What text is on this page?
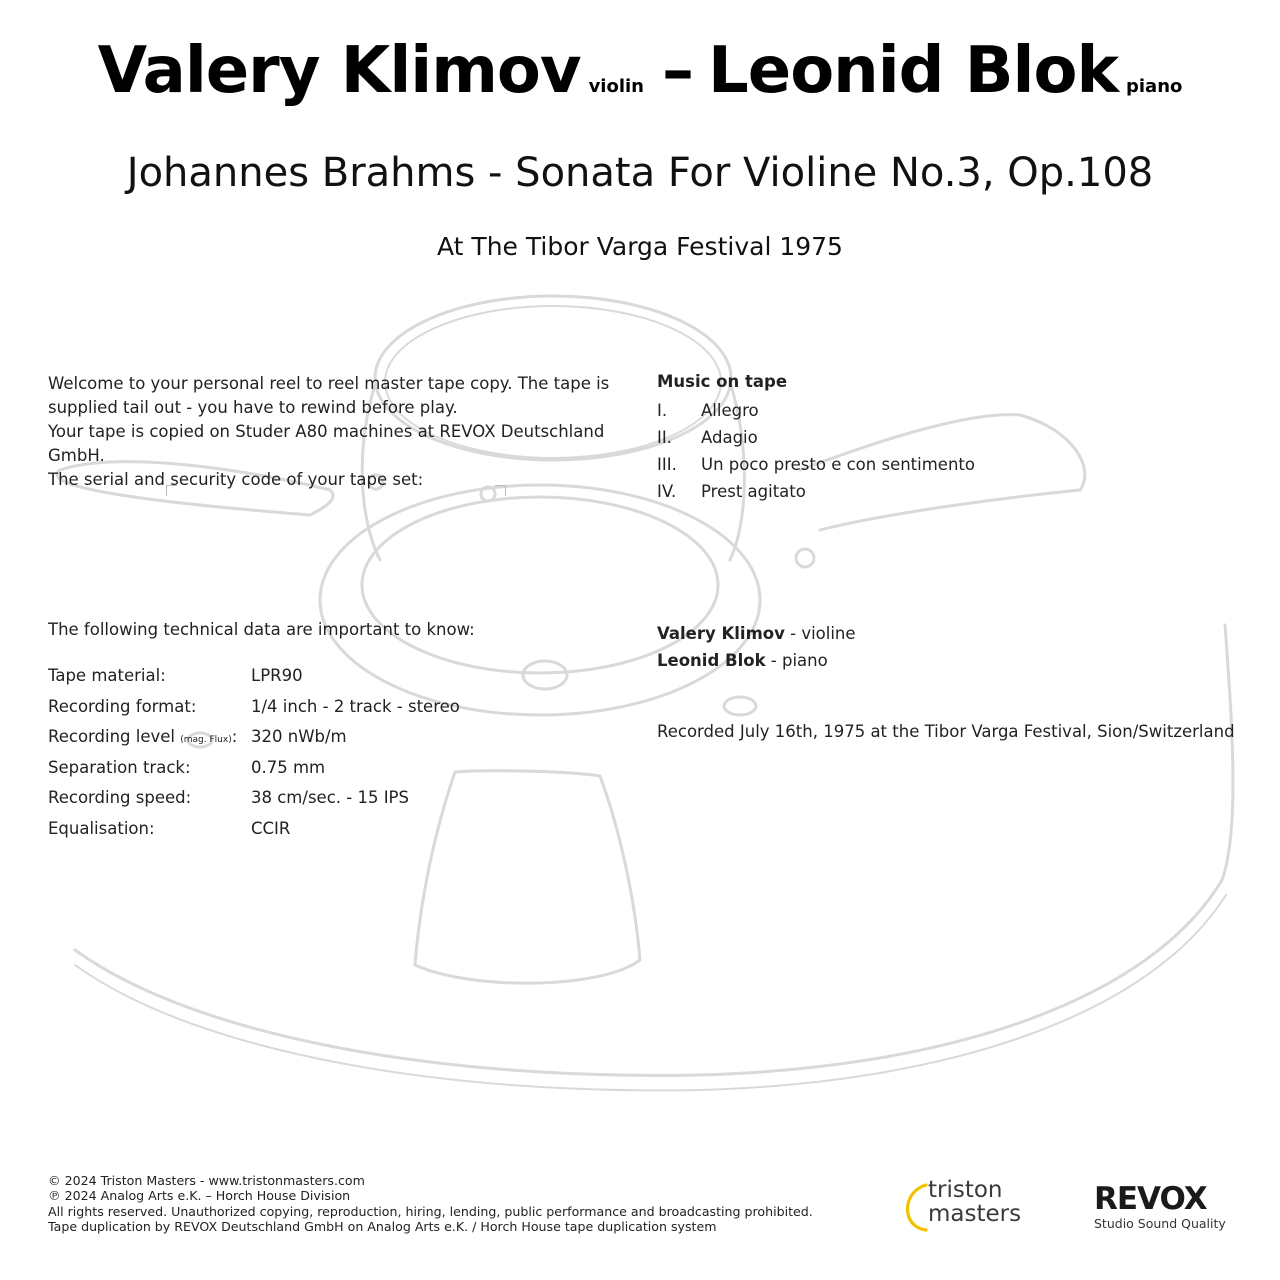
Valery Klimov violin – Leonid Blok piano
Johannes Brahms - Sonata For Violine No.3, Op.108
At The Tibor Varga Festival 1975

Welcome to your personal reel to reel master tape copy. The tape is

supplied tail out - you have to rewind before play.

Your tape is copied on Studer A80 machines at REVOX Deutschland GmbH.

The serial and security code of your tape set:

Music on tape
I.	Allegro
II.	Adagio
III.	Un poco presto e con sentimento
IV.	Prest agitato
The following technical data are important to know:
Tape material:	LPR90
Recording format:	1/4 inch - 2 track - stereo
Recording level (mag. Flux): 320 nWb/m
Separation track:	0.75 mm
Recording speed:	38 cm/sec. - 15 IPS
Equalisation:	CCIR
Valery Klimov - violine
Leonid Blok - piano
Recorded July 16th, 1975 at the Tibor Varga Festival, Sion/Switzerland

© 2024 Triston Masters - www.tristonmasters.com

℗ 2024 Analog Arts e.K. – Horch House Division

All rights reserved. Unauthorized copying, reproduction, hiring, lending, public performance and broadcasting prohibited.

Tape duplication by REVOX Deutschland GmbH on Analog Arts e.K. / Horch House tape duplication system

triston
masters REVOX
Studio Sound Quality
